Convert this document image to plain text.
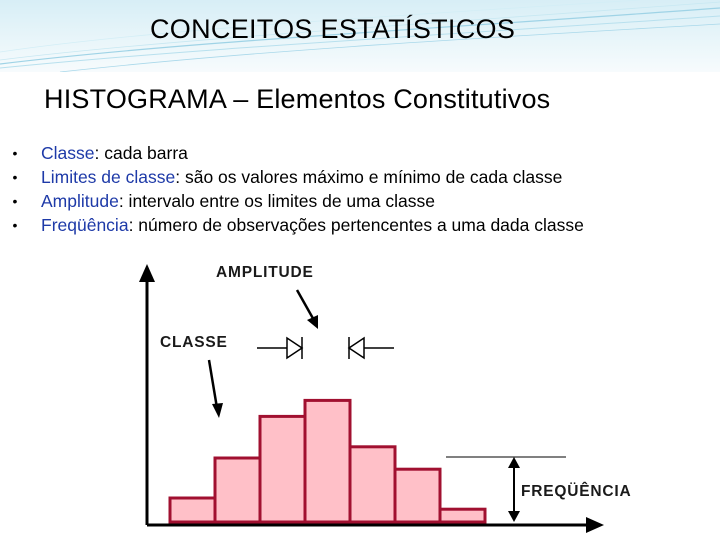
CONCEITOS ESTATÍSTICOS
HISTOGRAMA – Elementos Constitutivos
• Classe: cada barra
• Limites de classe: são os valores máximo e mínimo de cada classe
• Amplitude: intervalo entre os limites de uma classe
• Freqüência: número de observações pertencentes a uma dada classe
AMPLITUDE
CLASSE
FREQÜÊNCIA
